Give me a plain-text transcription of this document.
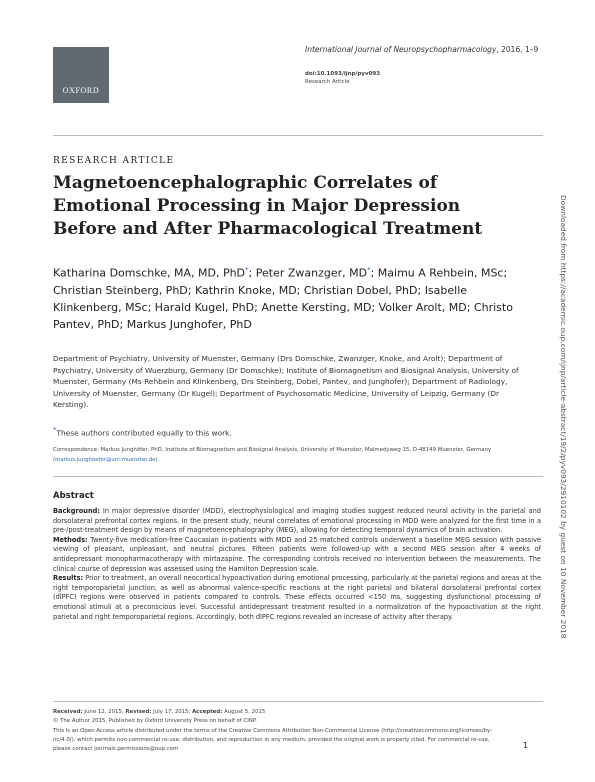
OXFORD
International Journal of Neuropsychopharmacology, 2016, 1–9
doi:10.1093/ijnp/pyv093
Research Article
RESEARCH ARTICLE
Magnetoencephalographic Correlates of Emotional Processing in Major Depression Before and After Pharmacological Treatment
Katharina Domschke, MA, MD, PhD*; Peter Zwanzger, MD*; Maimu A Rehbein, MSc; Christian Steinberg, PhD; Kathrin Knoke, MD; Christian Dobel, PhD; Isabelle Klinkenberg, MSc; Harald Kugel, PhD; Anette Kersting, MD; Volker Arolt, MD; Christo Pantev, PhD; Markus Junghofer, PhD
Department of Psychiatry, University of Muenster, Germany (Drs Domschke, Zwanzger, Knoke, and Arolt); Department of Psychiatry, University of Wuerzburg, Germany (Dr Domschke); Institute of Biomagnetism and Biosignal Analysis, University of Muenster, Germany (Ms Rehbein and Klinkenberg, Drs Steinberg, Dobel, Pantev, and Junghofer); Department of Radiology, University of Muenster, Germany (Dr Kugel); Department of Psychosomatic Medicine, University of Leipzig, Germany (Dr Kersting).
*These authors contributed equally to this work.
Correspondence: Markus Junghöfer, PhD, Institute of Biomagnetism and Biosignal Analysis, University of Muenster, Malmedyweg 15, D-48149 Muenster, Germany (markus.junghoefer@uni-muenster.de).
Abstract

Background: In major depressive disorder (MDD), electrophysiological and imaging studies suggest reduced neural activity in the parietal and dorsolateral prefrontal cortex regions. In the present study, neural correlates of emotional processing in MDD were analyzed for the first time in a pre-/post-treatment design by means of magnetoencephalography (MEG), allowing for detecting temporal dynamics of brain activation.

Methods: Twenty-five medication-free Caucasian in-patients with MDD and 25 matched controls underwent a baseline MEG session with passive viewing of pleasant, unpleasant, and neutral pictures. Fifteen patients were followed-up with a second MEG session after 4 weeks of antidepressant monopharmacotherapy with mirtazapine. The corresponding controls received no intervention between the measurements. The clinical course of depression was assessed using the Hamilton Depression scale.

Results: Prior to treatment, an overall neocortical hypoactivation during emotional processing, particularly at the parietal regions and areas at the right temporoparietal junction, as well as abnormal valence-specific reactions at the right parietal and bilateral dorsolateral prefrontal cortex (dlPFC) regions were observed in patients compared to controls. These effects occurred <150 ms, suggesting dysfunctional processing of emotional stimuli at a preconscious level. Successful antidepressant treatment resulted in a normalization of the hypoactivation at the right parietal and right temporoparietal regions. Accordingly, both dlPFC regions revealed an increase of activity after therapy.

Received: June 12, 2015; Revised: July 17, 2015; Accepted: August 5, 2015
© The Author 2015. Published by Oxford University Press on behalf of CINP.
This is an Open Access article distributed under the terms of the Creative Commons Attribution Non-Commercial License (http://creativecommons.org/licenses/by-nc/4.0/), which permits non-commercial re-use, distribution, and reproduction in any medium, provided the original work is properly cited. For commercial re-use, please contact journals.permissions@oup.com	1
Downloaded from https://academic.oup.com/ijnp/article-abstract/19/2/pyv093/2910102 by guest on 10 November 2018
